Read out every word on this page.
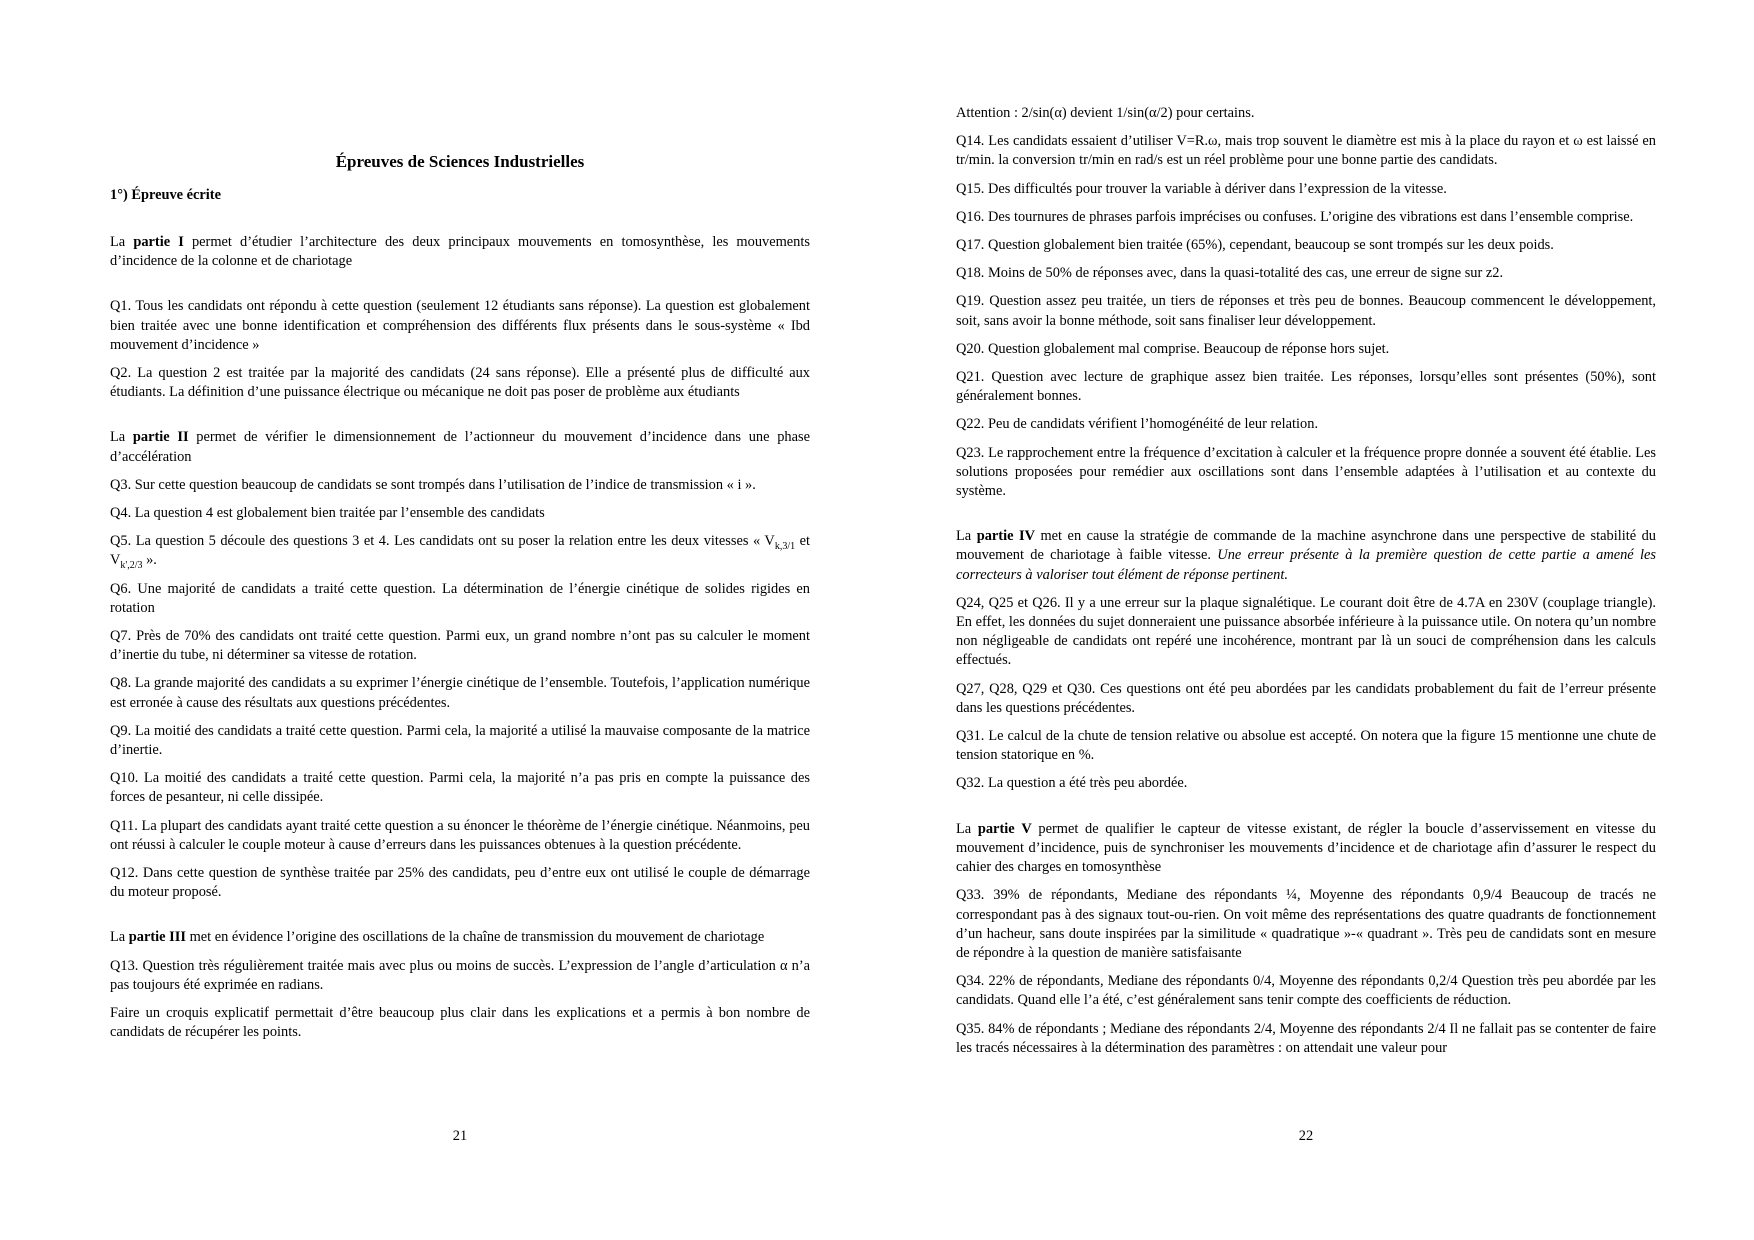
Épreuves de Sciences Industrielles
1°) Épreuve écrite

La partie I permet d’étudier l’architecture des deux principaux mouvements en tomosynthèse, les mouvements d’incidence de la colonne et de chariotage

Q1. Tous les candidats ont répondu à cette question (seulement 12 étudiants sans réponse). La question est globalement bien traitée avec une bonne identification et compréhension des différents flux présents dans le sous-système « Ibd mouvement d’incidence »

Q2. La question 2 est traitée par la majorité des candidats (24 sans réponse). Elle a présenté plus de difficulté aux étudiants. La définition d’une puissance électrique ou mécanique ne doit pas poser de problème aux étudiants

La partie II permet de vérifier le dimensionnement de l’actionneur du mouvement d’incidence dans une phase d’accélération

Q3. Sur cette question beaucoup de candidats se sont trompés dans l’utilisation de l’indice de transmission « i ».

Q4. La question 4 est globalement bien traitée par l’ensemble des candidats

Q5. La question 5 découle des questions 3 et 4. Les candidats ont su poser la relation entre les deux vitesses « $V_{k,3/1}$ et $V_{k',2/3}$ ».

Q6. Une majorité de candidats a traité cette question. La détermination de l’énergie cinétique de solides rigides en rotation

Q7. Près de 70% des candidats ont traité cette question. Parmi eux, un grand nombre n’ont pas su calculer le moment d’inertie du tube, ni déterminer sa vitesse de rotation.

Q8. La grande majorité des candidats a su exprimer l’énergie cinétique de l’ensemble. Toutefois, l’application numérique est erronée à cause des résultats aux questions précédentes.

Q9. La moitié des candidats a traité cette question. Parmi cela, la majorité a utilisé la mauvaise composante de la matrice d’inertie.

Q10. La moitié des candidats a traité cette question. Parmi cela, la majorité n’a pas pris en compte la puissance des forces de pesanteur, ni celle dissipée.

Q11. La plupart des candidats ayant traité cette question a su énoncer le théorème de l’énergie cinétique. Néanmoins, peu ont réussi à calculer le couple moteur à cause d’erreurs dans les puissances obtenues à la question précédente.

Q12. Dans cette question de synthèse traitée par 25% des candidats, peu d’entre eux ont utilisé le couple de démarrage du moteur proposé.

La partie III met en évidence l’origine des oscillations de la chaîne de transmission du mouvement de chariotage

Q13. Question très régulièrement traitée mais avec plus ou moins de succès. L’expression de l’angle d’articulation α n’a pas toujours été exprimée en radians.

Faire un croquis explicatif permettait d’être beaucoup plus clair dans les explications et a permis à bon nombre de candidats de récupérer les points.

21

Attention : 2/sin(α) devient 1/sin(α/2) pour certains.

Q14. Les candidats essaient d’utiliser V=R.ω, mais trop souvent le diamètre est mis à la place du rayon et ω est laissé en tr/min. la conversion tr/min en rad/s est un réel problème pour une bonne partie des candidats.

Q15. Des difficultés pour trouver la variable à dériver dans l’expression de la vitesse.

Q16. Des tournures de phrases parfois imprécises ou confuses. L’origine des vibrations est dans l’ensemble comprise.

Q17. Question globalement bien traitée (65%), cependant, beaucoup se sont trompés sur les deux poids.

Q18. Moins de 50% de réponses avec, dans la quasi-totalité des cas, une erreur de signe sur z2.

Q19. Question assez peu traitée, un tiers de réponses et très peu de bonnes. Beaucoup commencent le développement, soit, sans avoir la bonne méthode, soit sans finaliser leur développement.

Q20. Question globalement mal comprise. Beaucoup de réponse hors sujet.

Q21. Question avec lecture de graphique assez bien traitée. Les réponses, lorsqu’elles sont présentes (50%), sont généralement bonnes.

Q22. Peu de candidats vérifient l’homogénéité de leur relation.

Q23. Le rapprochement entre la fréquence d’excitation à calculer et la fréquence propre donnée a souvent été établie. Les solutions proposées pour remédier aux oscillations sont dans l’ensemble adaptées à l’utilisation et au contexte du système.

La partie IV met en cause la stratégie de commande de la machine asynchrone dans une perspective de stabilité du mouvement de chariotage à faible vitesse. Une erreur présente à la première question de cette partie a amené les correcteurs à valoriser tout élément de réponse pertinent.

Q24, Q25 et Q26. Il y a une erreur sur la plaque signalétique. Le courant doit être de 4.7A en 230V (couplage triangle). En effet, les données du sujet donneraient une puissance absorbée inférieure à la puissance utile. On notera qu’un nombre non négligeable de candidats ont repéré une incohérence, montrant par là un souci de compréhension dans les calculs effectués.

Q27, Q28, Q29 et Q30. Ces questions ont été peu abordées par les candidats probablement du fait de l’erreur présente dans les questions précédentes.

Q31. Le calcul de la chute de tension relative ou absolue est accepté. On notera que la figure 15 mentionne une chute de tension statorique en %.

Q32. La question a été très peu abordée.

La partie V permet de qualifier le capteur de vitesse existant, de régler la boucle d’asservissement en vitesse du mouvement d’incidence, puis de synchroniser les mouvements d’incidence et de chariotage afin d’assurer le respect du cahier des charges en tomosynthèse

Q33. 39% de répondants, Mediane des répondants ¼, Moyenne des répondants 0,9/4 Beaucoup de tracés ne correspondant pas à des signaux tout-ou-rien. On voit même des représentations des quatre quadrants de fonctionnement d’un hacheur, sans doute inspirées par la similitude « quadratique »-« quadrant ». Très peu de candidats sont en mesure de répondre à la question de manière satisfaisante

Q34. 22% de répondants, Mediane des répondants 0/4, Moyenne des répondants 0,2/4 Question très peu abordée par les candidats. Quand elle l’a été, c’est généralement sans tenir compte des coefficients de réduction.

Q35. 84% de répondants ; Mediane des répondants 2/4, Moyenne des répondants 2/4 Il ne fallait pas se contenter de faire les tracés nécessaires à la détermination des paramètres : on attendait une valeur pour

22
